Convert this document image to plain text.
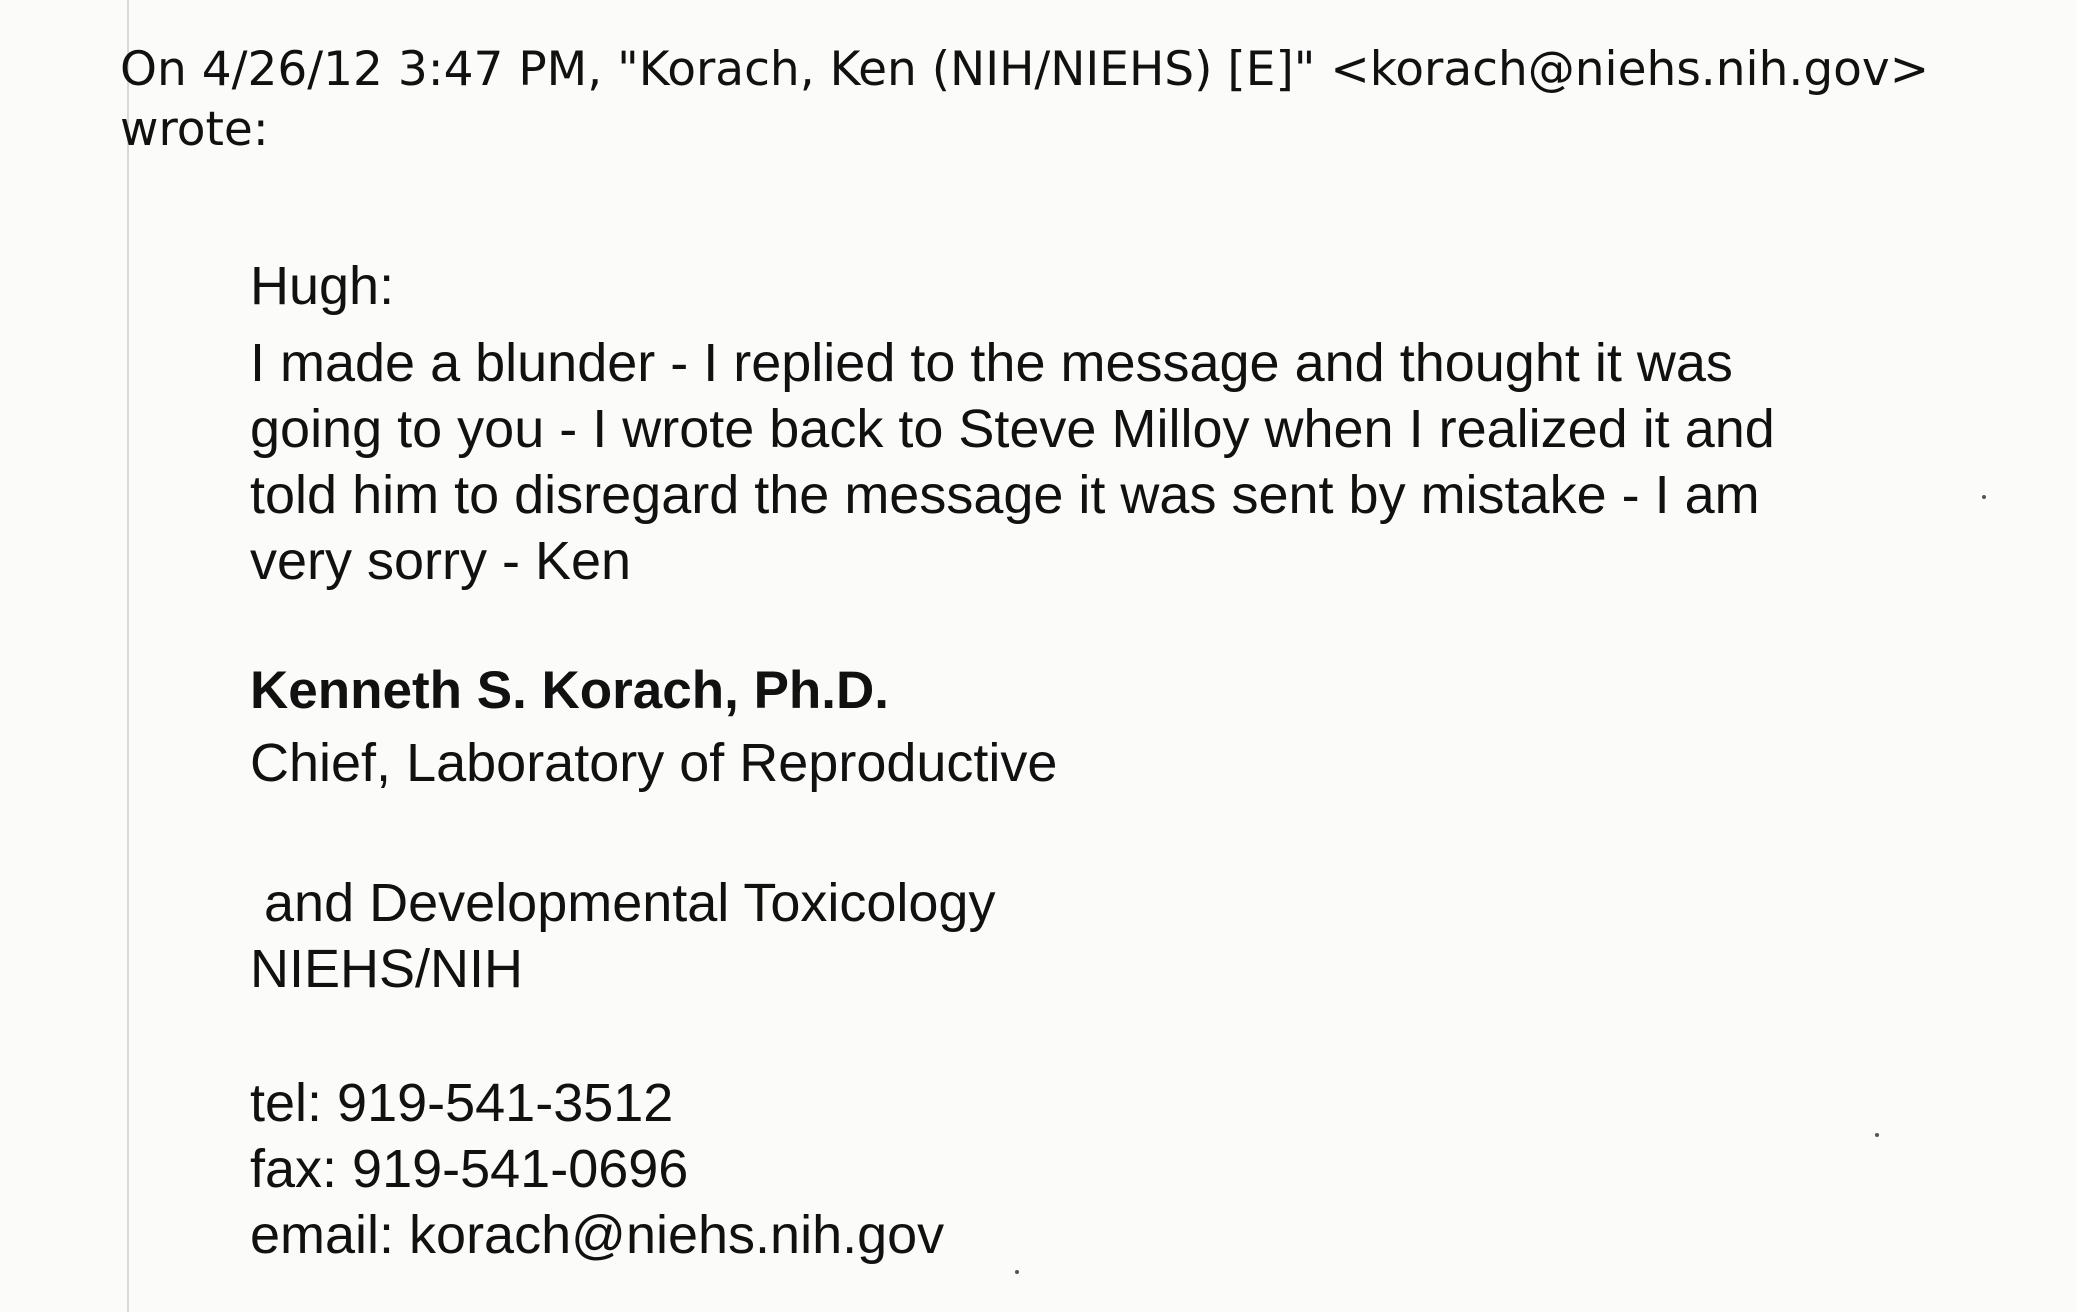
On 4/26/12 3:47 PM, "Korach, Ken (NIH/NIEHS) [E]" <korach@niehs.nih.gov>
wrote:
Hugh:
I made a blunder - I replied to the message and thought it was
going to you - I wrote back to Steve Milloy when I realized it and
told him to disregard the message it was sent by mistake - I am
very sorry - Ken
Kenneth S. Korach, Ph.D.
Chief, Laboratory of Reproductive
and Developmental Toxicology
NIEHS/NIH
tel: 919-541-3512
fax: 919-541-0696
email: korach@niehs.nih.gov
